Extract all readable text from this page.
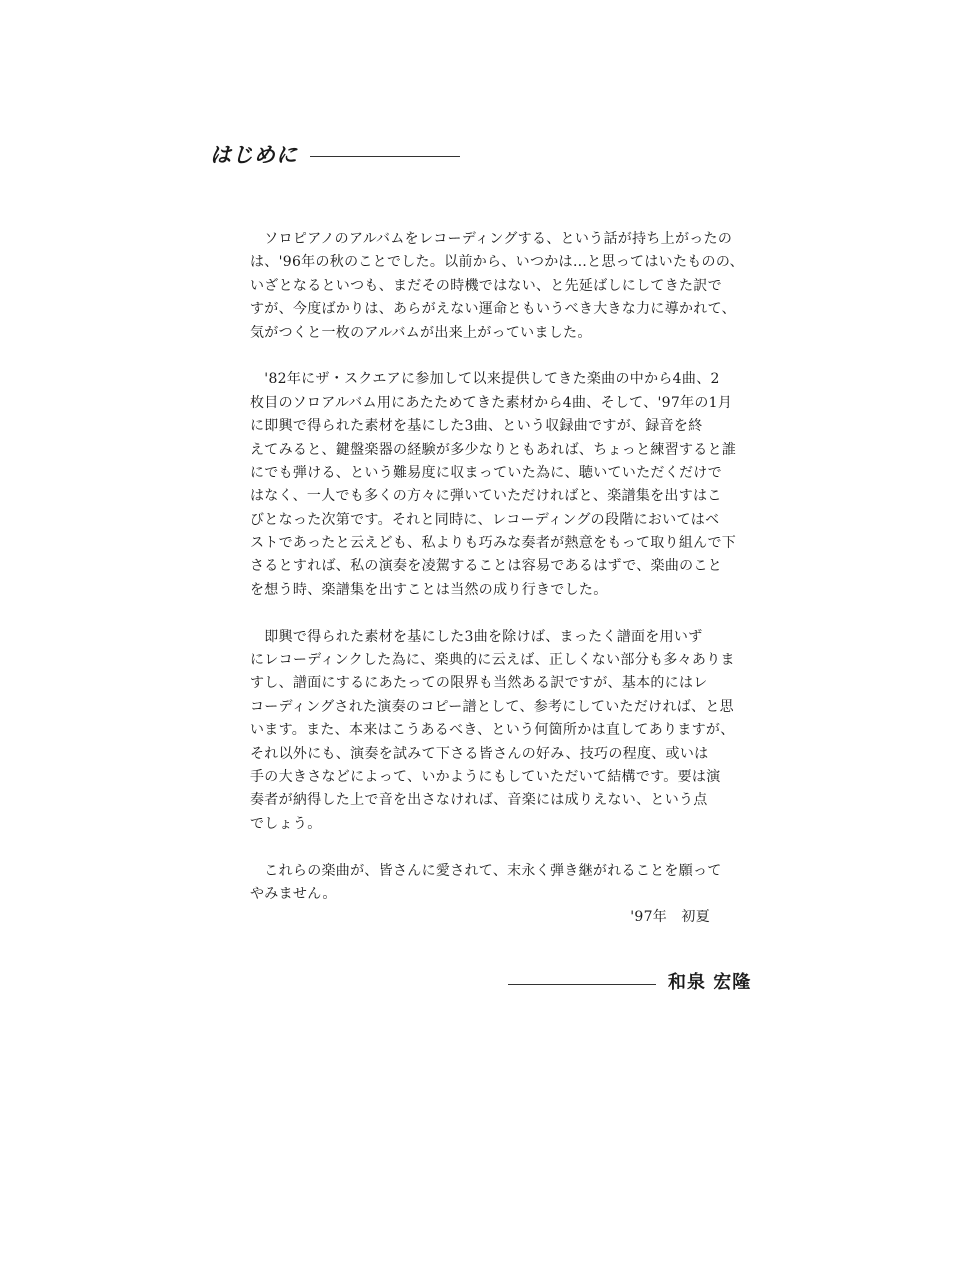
はじめに
　ソロピアノのアルバムをレコーディングする、という話が持ち上がったの
は、'96年の秋のことでした。以前から、いつかは…と思ってはいたものの、
いざとなるといつも、まだその時機ではない、と先延ばしにしてきた訳で
すが、今度ばかりは、あらがえない運命ともいうべき大きな力に導かれて、
気がつくと一枚のアルバムが出来上がっていました。
　'82年にザ・スクエアに参加して以来提供してきた楽曲の中から4曲、2
枚目のソロアルバム用にあたためてきた素材から4曲、そして、'97年の1月
に即興で得られた素材を基にした3曲、という収録曲ですが、録音を終
えてみると、鍵盤楽器の経験が多少なりともあれば、ちょっと練習すると誰
にでも弾ける、という難易度に収まっていた為に、聴いていただくだけで
はなく、一人でも多くの方々に弾いていただければと、楽譜集を出すはこ
びとなった次第です。それと同時に、レコーディングの段階においてはベ
ストであったと云えども、私よりも巧みな奏者が熱意をもって取り組んで下
さるとすれば、私の演奏を凌駕することは容易であるはずで、楽曲のこと
を想う時、楽譜集を出すことは当然の成り行きでした。
　即興で得られた素材を基にした3曲を除けば、まったく譜面を用いず
にレコーディンクした為に、楽典的に云えば、正しくない部分も多々ありま
すし、譜面にするにあたっての限界も当然ある訳ですが、基本的にはレ
コーディングされた演奏のコピー譜として、参考にしていただければ、と思
います。また、本来はこうあるべき、という何箇所かは直してありますが、
それ以外にも、演奏を試みて下さる皆さんの好み、技巧の程度、或いは
手の大きさなどによって、いかようにもしていただいて結構です。要は演
奏者が納得した上で音を出さなければ、音楽には成りえない、という点
でしょう。
　これらの楽曲が、皆さんに愛されて、末永く弾き継がれることを願って
やみません。
'97年　初夏
和泉 宏隆
